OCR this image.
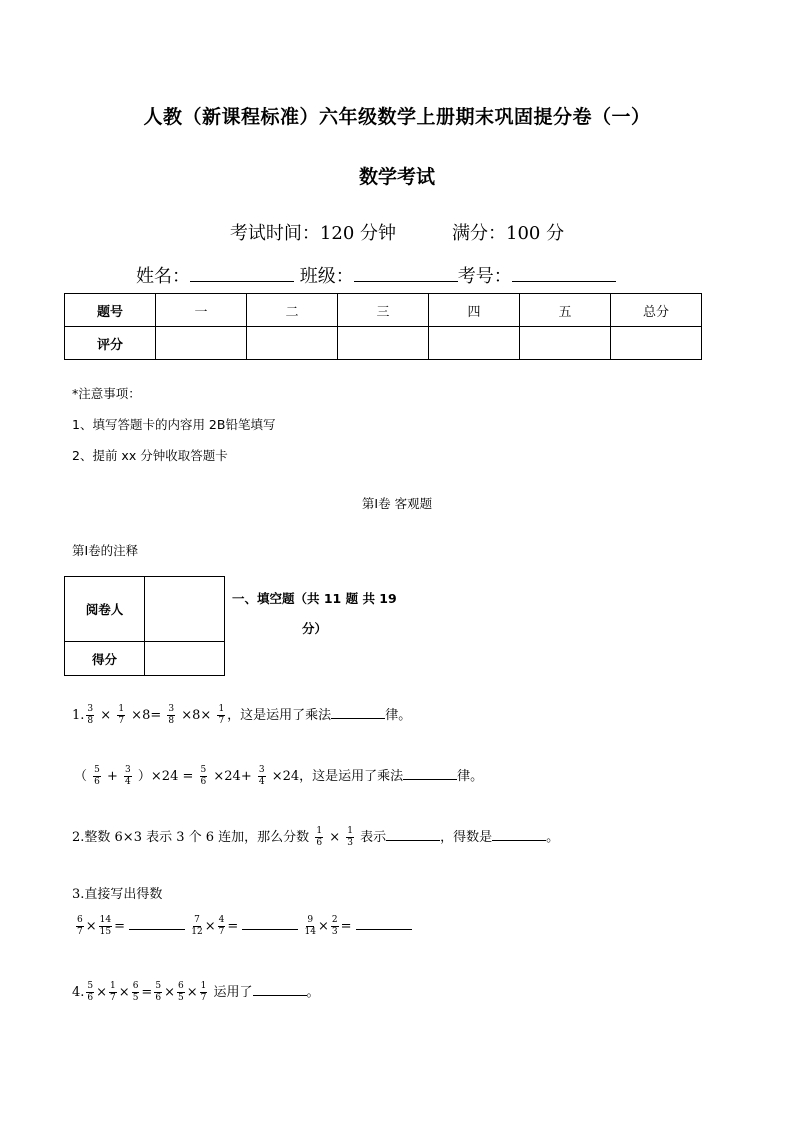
人教（新课程标准）六年级数学上册期末巩固提分卷（一）
数学考试
考试时间：120 分钟	满分：100 分
姓名：	班级：	考号：
题号	一	二	三	四	五	总分
评分						
*注意事项：
1、填写答题卡的内容用 2B铅笔填写
2、提前 xx 分钟收取答题卡
第Ⅰ卷 客观题
第Ⅰ卷的注释
阅卷人	
得分	
一、填空题（共 11 题 共 19
分）
1. $\frac{3}{8} \times \frac{1}{7} \times 8= \frac{3}{8} \times 8\times \frac{1}{7}$ ，这是运用了乘法	律。
（ $\frac{5}{6} + \frac{3}{4} )\times 24 = \frac{5}{6} \times 24+ \frac{3}{4} \times 24$，这是运用了乘法	律。
2.整数 6×3 表示 3 个 6 连加，那么分数 $\frac{1}{6} \times \frac{1}{3}$ 表示	，得数是	。
3.直接写出得数
$\frac{6}{7} \times \frac{14}{15}$ =	$\frac{7}{12} \times \frac{4}{7}$ =	$\frac{9}{14} \times \frac{2}{3}$ =
4. $\frac{5}{6} \times \frac{1}{7} \times \frac{6}{5} = \frac{5}{6} \times \frac{6}{5} \times \frac{1}{7}$ 运用了	。
